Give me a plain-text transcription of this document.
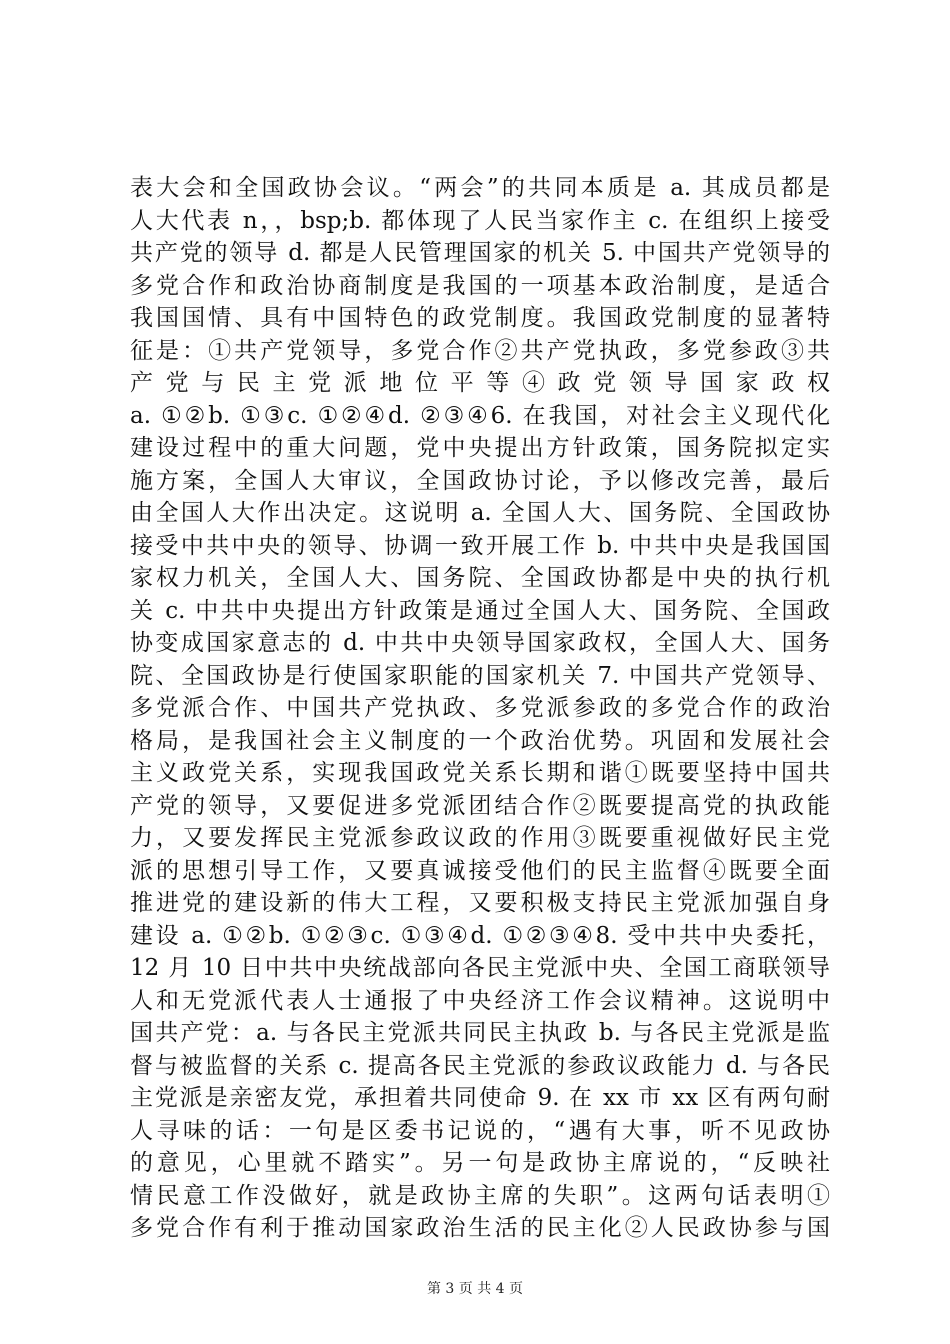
表大会和全国政协会议。“两会”的共同本质是 a. 其成员都是
人大代表 n，，bsp;b. 都体现了人民当家作主 c. 在组织上接受
共产党的领导 d. 都是人民管理国家的机关 5. 中国共产党领导的
多党合作和政治协商制度是我国的一项基本政治制度，是适合
我国国情、具有中国特色的政党制度。我国政党制度的显著特
征是：①共产党领导，多党合作②共产党执政，多党参政③共
产 党 与 民 主 党 派 地 位 平 等 ④ 政 党 领 导 国 家 政 权
a. ①②b. ①③c. ①②④d. ②③④6. 在我国，对社会主义现代化
建设过程中的重大问题，党中央提出方针政策，国务院拟定实
施方案，全国人大审议，全国政协讨论，予以修改完善，最后
由全国人大作出决定。这说明 a. 全国人大、国务院、全国政协
接受中共中央的领导、协调一致开展工作 b. 中共中央是我国国
家权力机关，全国人大、国务院、全国政协都是中央的执行机
关 c. 中共中央提出方针政策是通过全国人大、国务院、全国政
协变成国家意志的 d. 中共中央领导国家政权，全国人大、国务
院、全国政协是行使国家职能的国家机关 7. 中国共产党领导、
多党派合作、中国共产党执政、多党派参政的多党合作的政治
格局，是我国社会主义制度的一个政治优势。巩固和发展社会
主义政党关系，实现我国政党关系长期和谐①既要坚持中国共
产党的领导，又要促进多党派团结合作②既要提高党的执政能
力，又要发挥民主党派参政议政的作用③既要重视做好民主党
派的思想引导工作，又要真诚接受他们的民主监督④既要全面
推进党的建设新的伟大工程，又要积极支持民主党派加强自身
建设 a. ①②b. ①②③c. ①③④d. ①②③④8. 受中共中央委托，
12 月 10 日中共中央统战部向各民主党派中央、全国工商联领导
人和无党派代表人士通报了中央经济工作会议精神。这说明中
国共产党：a. 与各民主党派共同民主执政 b. 与各民主党派是监
督与被监督的关系 c. 提高各民主党派的参政议政能力 d. 与各民
主党派是亲密友党，承担着共同使命 9. 在 xx 市 xx 区有两句耐
人寻味的话：一句是区委书记说的，“遇有大事，听不见政协
的意见，心里就不踏实”。另一句是政协主席说的，“反映社
情民意工作没做好，就是政协主席的失职”。这两句话表明①
多党合作有利于推动国家政治生活的民主化②人民政协参与国
第 3 页 共 4 页
